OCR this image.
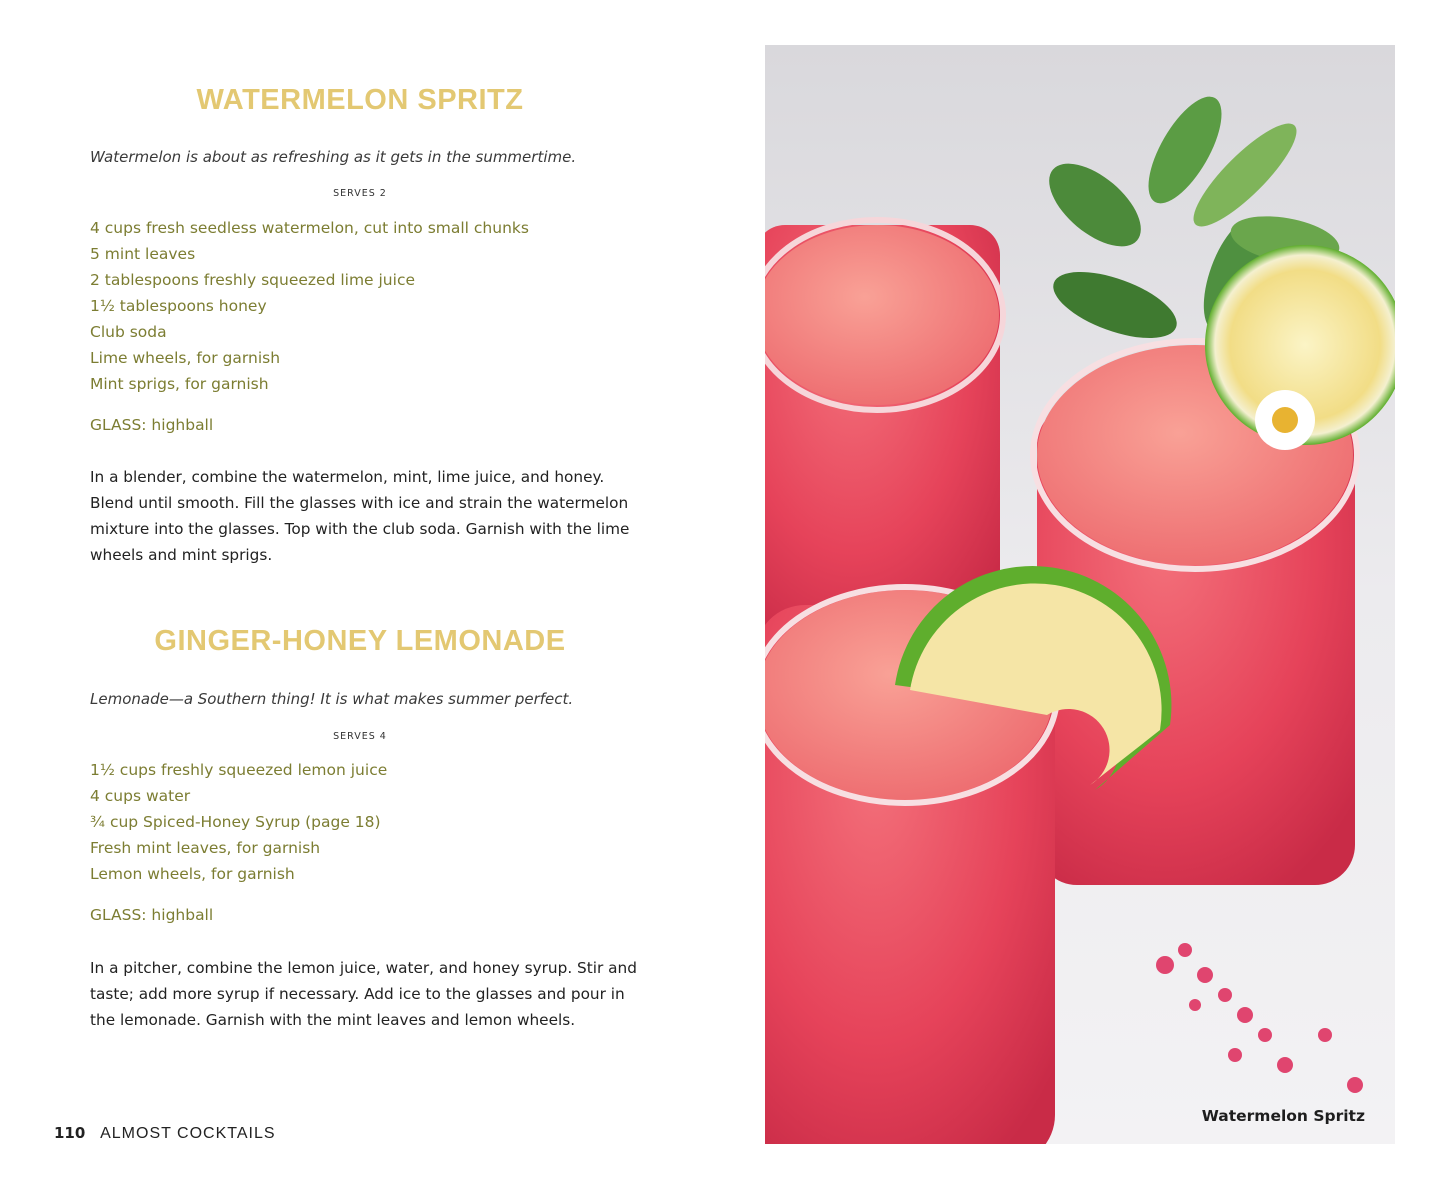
WATERMELON SPRITZ
Watermelon is about as refreshing as it gets in the summertime.
SERVES 2
4 cups fresh seedless watermelon, cut into small chunks
5 mint leaves
2 tablespoons freshly squeezed lime juice
1½ tablespoons honey
Club soda
Lime wheels, for garnish
Mint sprigs, for garnish
GLASS: highball

In a blender, combine the watermelon, mint, lime juice, and honey. Blend until smooth. Fill the glasses with ice and strain the watermelon mixture into the glasses. Top with the club soda. Garnish with the lime wheels and mint sprigs.

GINGER-HONEY LEMONADE
Lemonade—a Southern thing! It is what makes summer perfect.
SERVES 4
1½ cups freshly squeezed lemon juice
4 cups water
¾ cup Spiced-Honey Syrup (page 18)
Fresh mint leaves, for garnish
Lemon wheels, for garnish
GLASS: highball

In a pitcher, combine the lemon juice, water, and honey syrup. Stir and taste; add more syrup if necessary. Add ice to the glasses and pour in the lemonade. Garnish with the mint leaves and lemon wheels.

110 ALMOST COCKTAILS
Watermelon Spritz
